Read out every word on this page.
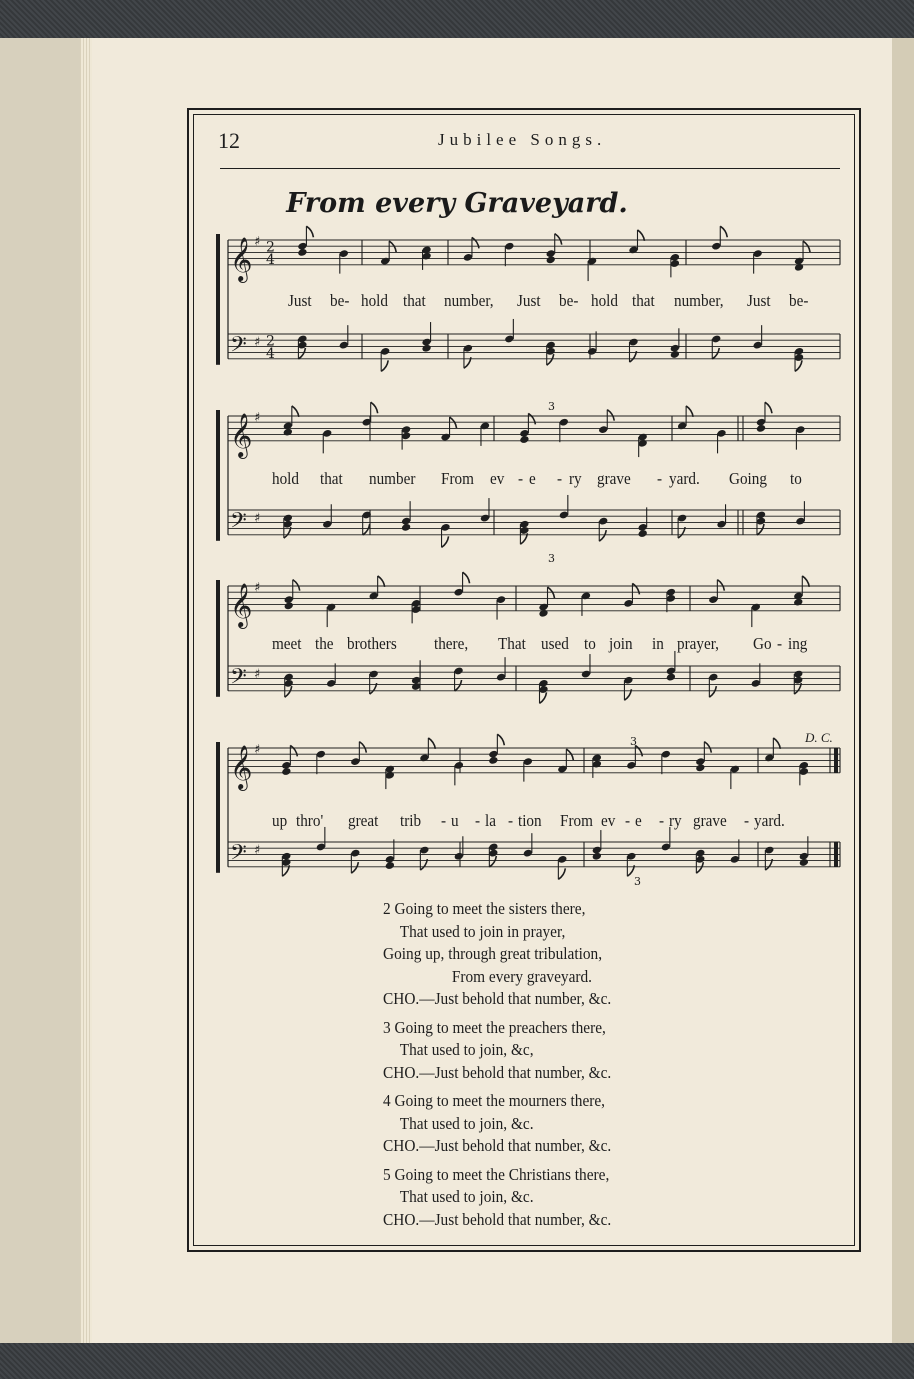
12	Jubilee Songs.
From every Graveyard.
𝄞 ♯ 2
4
𝄢 ♯ 2
4
𝄞 ♯
𝄢 ♯
𝄞 ♯
𝄢 ♯
𝄞 ♯
𝄢 ♯
3
3
3
3
Just be- hold that number, Just be- hold that number, Just be-
hold that number From ev - e - ry grave - yard. Going to
meet the brothers there, That used to join in prayer, Go - ing
up thro' great trib - u - la - tion From ev - e - ry grave - yard.
D. C.
2 Going to meet the sisters there,
That used to join in prayer,
Going up, through great tribulation,
From every graveyard.
CHO.—Just behold that number, &c.
3 Going to meet the preachers there,
That used to join, &c,
CHO.—Just behold that number, &c.
4 Going to meet the mourners there,
That used to join, &c.
CHO.—Just behold that number, &c.
5 Going to meet the Christians there,
That used to join, &c.
CHO.—Just behold that number, &c.
